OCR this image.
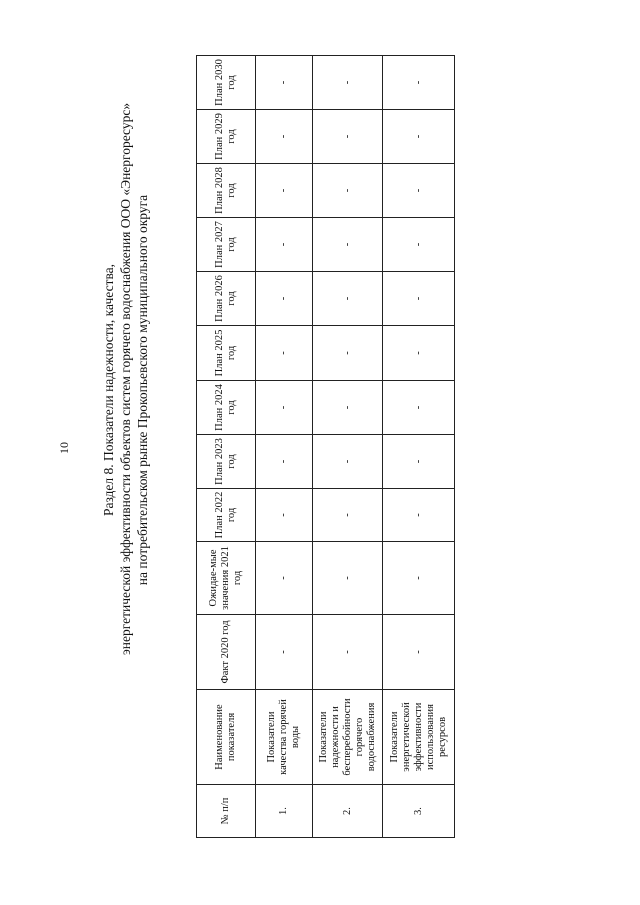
10 Раздел 8. Показатели надежности, качества, энергетической эффективности объектов систем горячего водоснабжения ООО «Энергоресурс» на потребительском рынке Прокопьевского муниципального округа
№ п/п	Наименование показателя	Факт 2020 год	Ожидае-мые значения 2021 год	План 2022 год	План 2023 год	План 2024 год	План 2025 год	План 2026 год	План 2027 год	План 2028 год	План 2029 год	План 2030 год
1.	Показатели качества горячей воды	-	-	-	-	-	-	-	-	-	-	-
2.	Показатели надежности и бесперебойности горячего водоснабжения	-	-	-	-	-	-	-	-	-	-	-
3.	Показатели энергетической эффективности использования ресурсов	-	-	-	-	-	-	-	-	-	-	-
